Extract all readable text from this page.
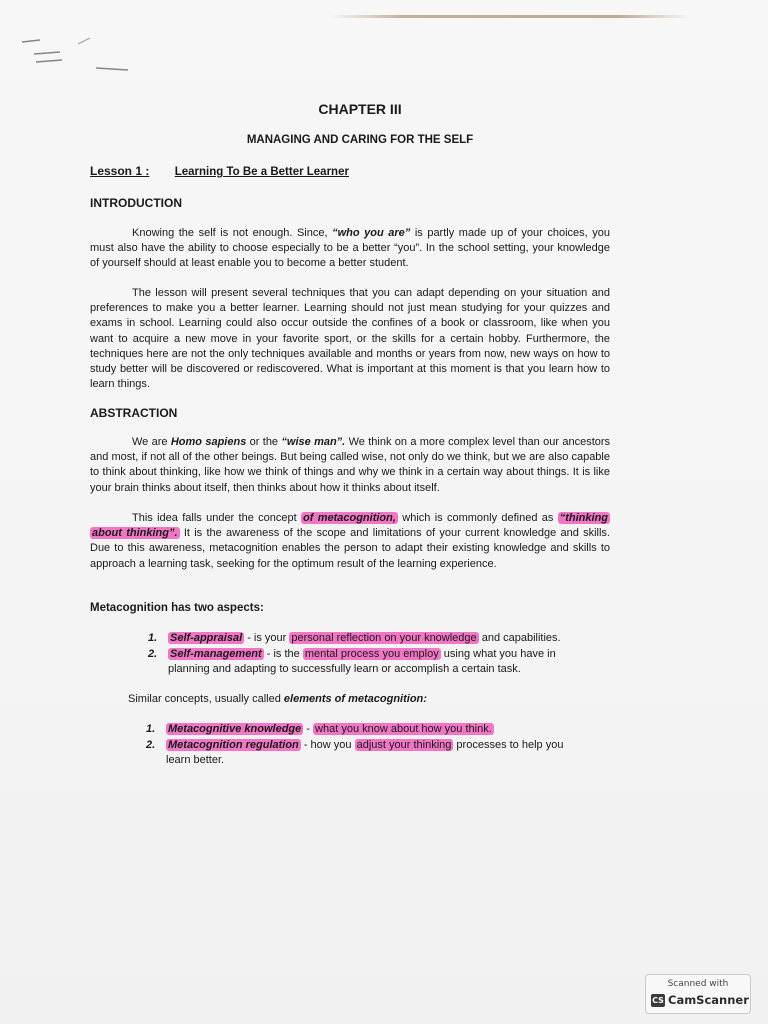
CHAPTER III
MANAGING AND CARING FOR THE SELF
Lesson 1 : Learning To Be a Better Learner
INTRODUCTION

Knowing the self is not enough. Since, “who you are” is partly made up of your choices, you must also have the ability to choose especially to be a better “you”. In the school setting, your knowledge of yourself should at least enable you to become a better student.

The lesson will present several techniques that you can adapt depending on your situation and preferences to make you a better learner. Learning should not just mean studying for your quizzes and exams in school. Learning could also occur outside the confines of a book or classroom, like when you want to acquire a new move in your favorite sport, or the skills for a certain hobby. Furthermore, the techniques here are not the only techniques available and months or years from now, new ways on how to study better will be discovered or rediscovered. What is important at this moment is that you learn how to learn things.

ABSTRACTION

We are Homo sapiens or the “wise man”. We think on a more complex level than our ancestors and most, if not all of the other beings. But being called wise, not only do we think, but we are also capable to think about thinking, like how we think of things and why we think in a certain way about things. It is like your brain thinks about itself, then thinks about how it thinks about itself.

This idea falls under the concept of metacognition, which is commonly defined as “thinking about thinking”. It is the awareness of the scope and limitations of your current knowledge and skills. Due to this awareness, metacognition enables the person to adapt their existing knowledge and skills to approach a learning task, seeking for the optimum result of the learning experience.

Metacognition has two aspects:
1.	Self-appraisal - is your personal reflection on your knowledge and capabilities.
2.	Self-management - is the mental process you employ using what you have in planning and adapting to successfully learn or accomplish a certain task.

Similar concepts, usually called elements of metacognition:

1.	Metacognitive knowledge - what you know about how you think.
2.	Metacognition regulation - how you adjust your thinking processes to help you learn better.
Scanned with
CS CamScanner
